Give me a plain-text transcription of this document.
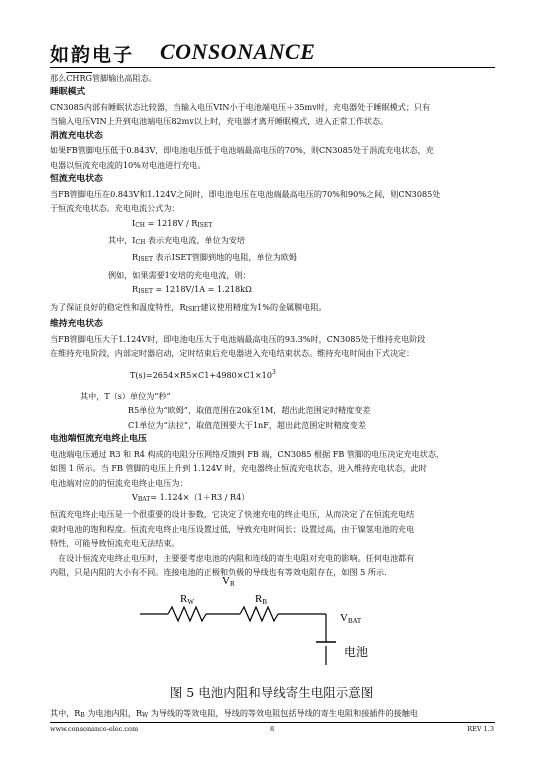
如韵电子 CONSONANCE

那么CHRG管脚输出高阻态。

睡眠模式

CN3085内部有睡眠状态比较器，当输入电压VIN小于电池端电压＋35mv时，充电器处于睡眠模式；只有

当输入电压VIN上升到电池端电压82mv以上时，充电器才离开睡眠模式，进入正常工作状态。

涓流充电状态

如果FB管脚电压低于0.843V，即电池电压低于电池端最高电压的70%，则CN3085处于涓流充电状态，充

电器以恒流充电流的10%对电池进行充电。

恒流充电状态

当FB管脚电压在0.843V和1.124V之间时，即电池电压在电池端最高电压的70%和90%之间，则CN3085处

于恒流充电状态。充电电流公式为：

ICH = 1218V / RISET

其中，ICH 表示充电电流，单位为安培

RISET 表示ISET管脚到地的电阻，单位为欧姆

例如，如果需要1安培的充电电流，则：

RISET = 1218V/1A = 1.218kΩ

为了保证良好的稳定性和温度特性，RISET建议使用精度为1%的金属膜电阻。

维持充电状态

当FB管脚电压大于1.124V时，即电池电压大于电池端最高电压的93.3%时，CN3085处于维持充电阶段

在维持充电阶段，内部定时器启动，定时结束后充电器进入充电结束状态。维持充电时间由下式决定：

$T(s)=2654\times R5\times C1+4980\times C1\times 10^3$

其中，T（s）单位为“秒”

R5单位为“欧姆”，取值范围在20k至1M，超出此范围定时精度变差

C1单位为“法拉”，取值范围要大于1nF，超出此范围定时精度变差

电池端恒流充电终止电压

电池端电压通过 R3 和 R4 构成的电阻分压网络反馈到 FB 端，CN3085 根据 FB 管脚的电压决定充电状态，

如图 1 所示。当 FB 管脚的电压上升到 1.124V 时，充电器终止恒流充电状态，进入维持充电状态，此时

电池端对应的的恒流充电终止电压为：

VBAT= 1.124×（1＋R3 / R4）

恒流充电终止电压是一个很重要的设计参数，它决定了快速充电的终止电压，从而决定了在恒流充电结

束时电池的饱和程度。恒流充电终止电压设置过低，导致充电时间长；设置过高，由于镍氢电池的充电

特性，可能导致恒流充电无法结束。

　在设计恒流充电终止电压时，主要要考虑电池的内阻和连线的寄生电阻对充电的影响。任何电池都有

内阻，只是内阻的大小有不同。连接电池的正极和负极的导线也有等效电阻存在，如图 5 所示.

VR
RW	RB
VBAT
电池
图 5 电池内阻和导线寄生电阻示意图
其中，RB 为电池内阻，RW 为导线的等效电阻，导线的等效电阻包括导线的寄生电阻和接插件的接触电
www.consonance-elec.com	8	REV 1.3
